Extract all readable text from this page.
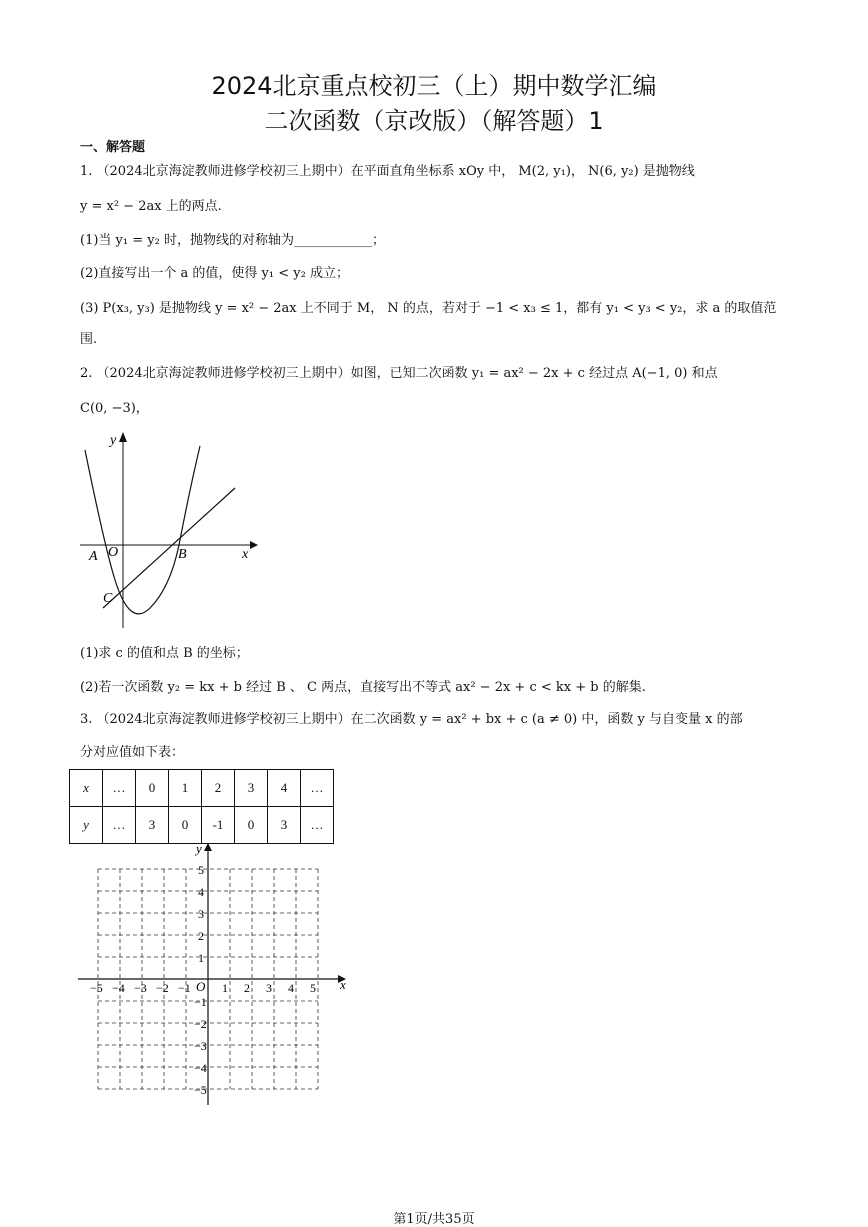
2024北京重点校初三（上）期中数学汇编
二次函数（京改版）（解答题）1
一、解答题
1. （2024北京海淀教师进修学校初三上期中）在平面直角坐标系 xOy 中， M(2, y₁)， N(6, y₂) 是抛物线
y = x² − 2ax 上的两点.
(1)当 y₁ = y₂ 时，抛物线的对称轴为____________；
(2)直接写出一个 a 的值，使得 y₁ < y₂ 成立；
(3) P(x₃, y₃) 是抛物线 y = x² − 2ax 上不同于 M， N 的点，若对于 −1 < x₃ ≤ 1，都有 y₁ < y₃ < y₂，求 a 的取值范
围.
2. （2024北京海淀教师进修学校初三上期中）如图，已知二次函数 y₁ = ax² − 2x + c 经过点 A(−1, 0) 和点
C(0, −3)，
y
x
A O	B
C
(1)求 c 的值和点 B 的坐标；
(2)若一次函数 y₂ = kx + b 经过 B 、 C 两点，直接写出不等式 ax² − 2x + c < kx + b 的解集.
3. （2024北京海淀教师进修学校初三上期中）在二次函数 y = ax² + bx + c (a ≠ 0) 中，函数 y 与自变量 x 的部
分对应值如下表：
x	…	0	1	2	3	4	…
y	…	3	0	-1	0	3	…
−5 −4 −3 −2 −1	1 2 3 4 5
5
4
3
2
1
−1
−2
−3
−4
−5
x
y
O
第1页/共35页
